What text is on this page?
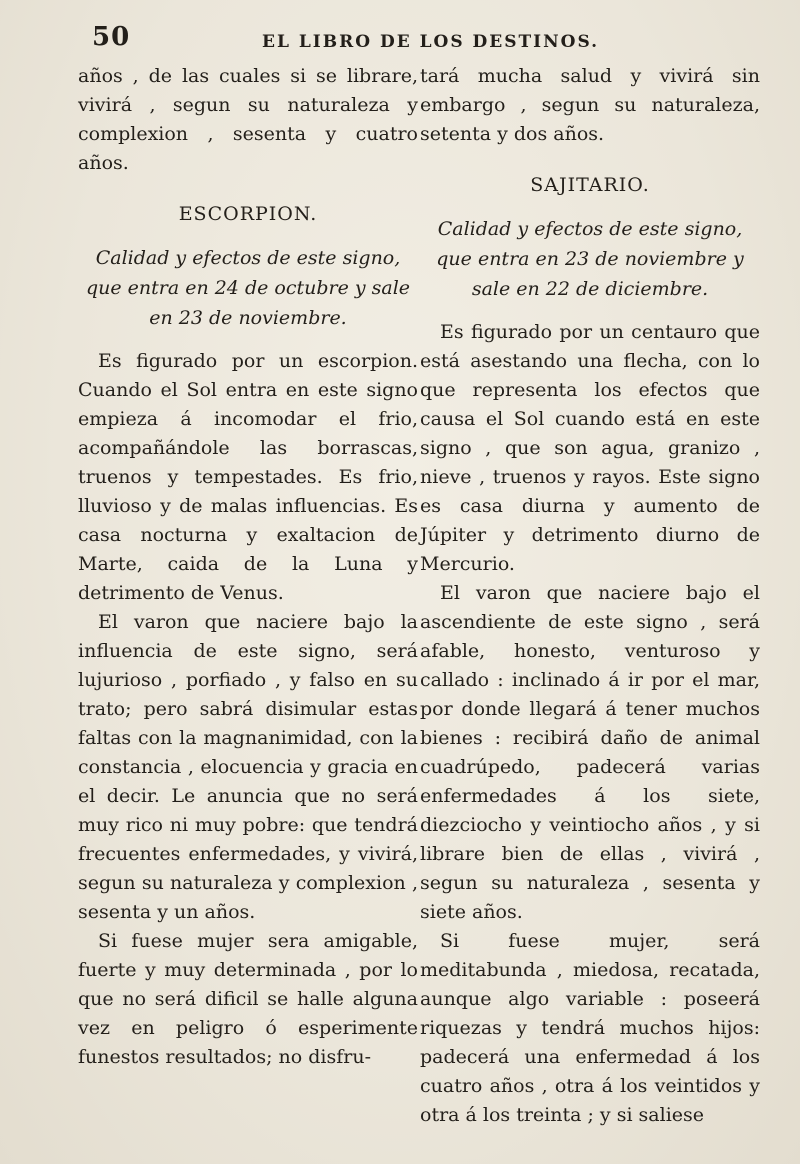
50	EL LIBRO DE LOS DESTINOS.

años , de las cuales si se librare, vivirá , segun su naturaleza y complexion , sesenta y cuatro años.

ESCORPION.
Calidad y efectos de este signo, que entra en 24 de octubre y sale en 23 de noviembre.

Es figurado por un escorpion. Cuando el Sol entra en este signo empieza á incomodar el frio, acompañándole las borrascas, truenos y tempestades. Es frio, lluvioso y de malas influencias. Es casa nocturna y exaltacion de Marte, caida de la Luna y detrimento de Venus.

El varon que naciere bajo la influencia de este signo, será lujurioso , porfiado , y falso en su trato; pero sabrá disimular estas faltas con la magnanimidad, con la constancia , elocuencia y gracia en el decir. Le anuncia que no será muy rico ni muy pobre: que tendrá frecuentes enfermedades, y vivirá, segun su naturaleza y complexion , sesenta y un años.

Si fuese mujer sera amigable, fuerte y muy determinada , por lo que no será dificil se halle alguna vez en peligro ó esperimente funestos resultados; no disfru-

tará mucha salud y vivirá sin embargo , segun su naturaleza, setenta y dos años.

SAJITARIO.
Calidad y efectos de este signo, que entra en 23 de noviembre y sale en 22 de diciembre.

Es figurado por un centauro que está asestando una flecha, con lo que representa los efectos que causa el Sol cuando está en este signo , que son agua, granizo , nieve , truenos y rayos. Este signo es casa diurna y aumento de Júpiter y detrimento diurno de Mercurio.

El varon que naciere bajo el ascendiente de este signo , será afable, honesto, venturoso y callado : inclinado á ir por el mar, por donde llegará á tener muchos bienes : recibirá daño de animal cuadrúpedo, padecerá varias enfermedades á los siete, diezciocho y veintiocho años , y si librare bien de ellas , vivirá , segun su naturaleza , sesenta y siete años.

Si fuese mujer, será meditabunda , miedosa, recatada, aunque algo variable : poseerá riquezas y tendrá muchos hijos: padecerá una enfermedad á los cuatro años , otra á los veintidos y otra á los treinta ; y si saliese
